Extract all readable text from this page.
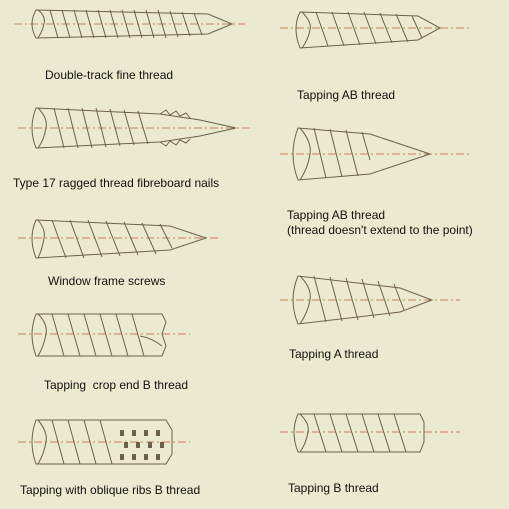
Double-track fine thread
Tapping AB thread
Type 17 ragged thread fibreboard nails
Tapping AB thread
(thread doesn't extend to the point)
Window frame screws
Tapping A thread
Tapping  crop end B thread
Tapping B thread
Tapping with oblique ribs B thread
